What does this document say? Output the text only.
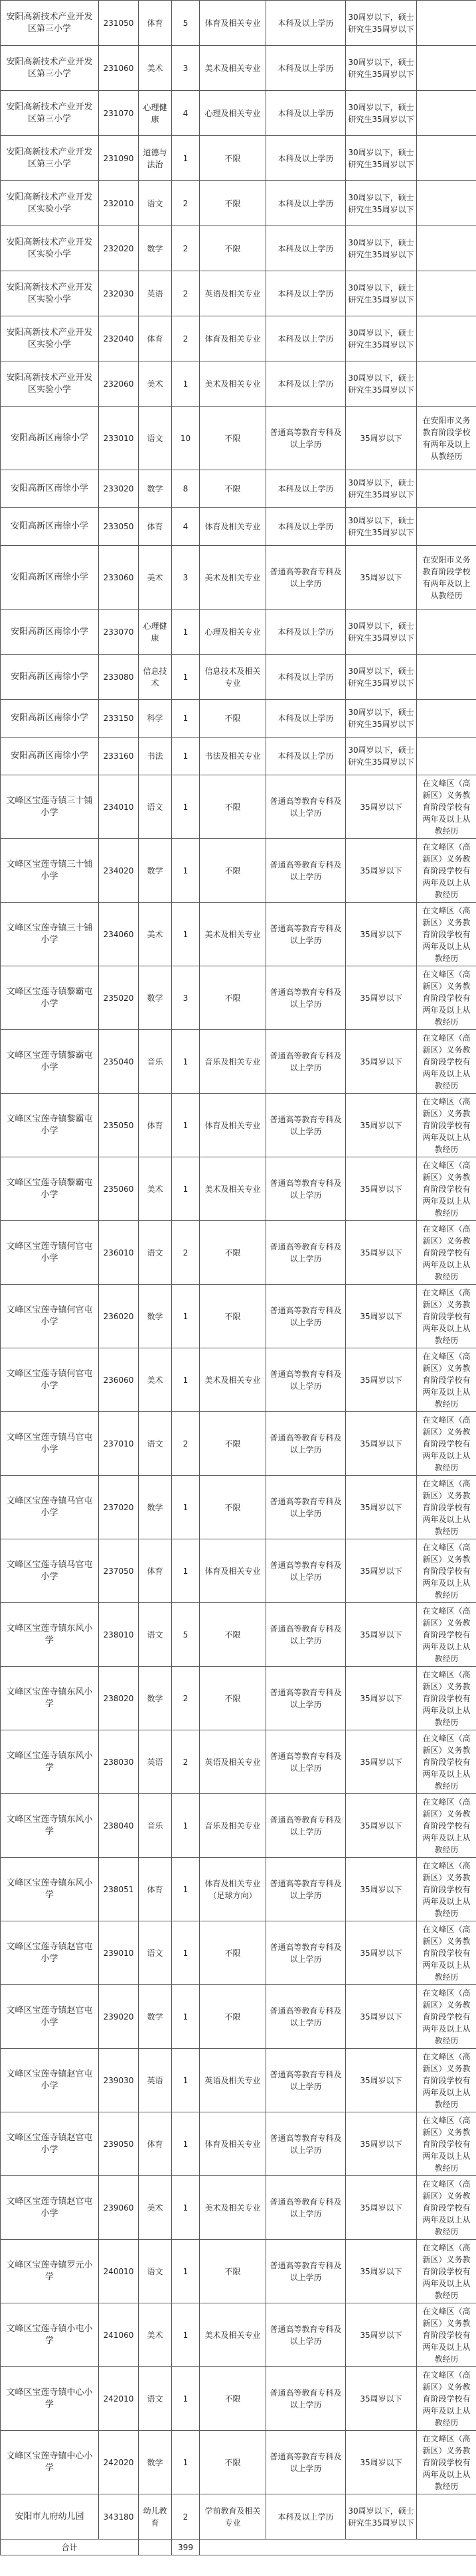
安阳高新技术产业开发区第三小学	231050	体育	5	体育及相关专业	本科及以上学历	30周岁以下，硕士研究生35周岁以下	
安阳高新技术产业开发区第三小学	231060	美术	3	美术及相关专业	本科及以上学历	30周岁以下，硕士研究生35周岁以下	
安阳高新技术产业开发区第三小学	231070	心理健康	4	心理及相关专业	本科及以上学历	30周岁以下，硕士研究生35周岁以下	
安阳高新技术产业开发区第三小学	231090	道德与法治	1	不限	本科及以上学历	30周岁以下，硕士研究生35周岁以下	
安阳高新技术产业开发区实验小学	232010	语文	2	不限	本科及以上学历	30周岁以下，硕士研究生35周岁以下	
安阳高新技术产业开发区实验小学	232020	数学	2	不限	本科及以上学历	30周岁以下，硕士研究生35周岁以下	
安阳高新技术产业开发区实验小学	232030	英语	2	英语及相关专业	本科及以上学历	30周岁以下，硕士研究生35周岁以下	
安阳高新技术产业开发区实验小学	232040	体育	2	体育及相关专业	本科及以上学历	30周岁以下，硕士研究生35周岁以下	
安阳高新技术产业开发区实验小学	232060	美术	1	美术及相关专业	本科及以上学历	30周岁以下，硕士研究生35周岁以下	
安阳高新区南徐小学	233010	语文	10	不限	普通高等教育专科及以上学历	35周岁以下	在安阳市义务教育阶段学校有两年及以上从教经历
安阳高新区南徐小学	233020	数学	8	不限	本科及以上学历	30周岁以下，硕士研究生35周岁以下	
安阳高新区南徐小学	233050	体育	4	体育及相关专业	本科及以上学历	30周岁以下，硕士研究生35周岁以下	
安阳高新区南徐小学	233060	美术	3	美术及相关专业	普通高等教育专科及以上学历	35周岁以下	在安阳市义务教育阶段学校有两年及以上从教经历
安阳高新区南徐小学	233070	心理健康	1	心理及相关专业	本科及以上学历	30周岁以下，硕士研究生35周岁以下	
安阳高新区南徐小学	233080	信息技术	1	信息技术及相关专业	本科及以上学历	30周岁以下，硕士研究生35周岁以下	
安阳高新区南徐小学	233150	科学	1	不限	本科及以上学历	30周岁以下，硕士研究生35周岁以下	
安阳高新区南徐小学	233160	书法	1	书法及相关专业	本科及以上学历	30周岁以下，硕士研究生35周岁以下	
文峰区宝莲寺镇三十铺小学	234010	语文	1	不限	普通高等教育专科及以上学历	35周岁以下	在文峰区（高新区）义务教育阶段学校有两年及以上从教经历
文峰区宝莲寺镇三十铺小学	234020	数学	1	不限	普通高等教育专科及以上学历	35周岁以下	在文峰区（高新区）义务教育阶段学校有两年及以上从教经历
文峰区宝莲寺镇三十铺小学	234060	美术	1	美术及相关专业	普通高等教育专科及以上学历	35周岁以下	在文峰区（高新区）义务教育阶段学校有两年及以上从教经历
文峰区宝莲寺镇黎霸屯小学	235020	数学	3	不限	普通高等教育专科及以上学历	35周岁以下	在文峰区（高新区）义务教育阶段学校有两年及以上从教经历
文峰区宝莲寺镇黎霸屯小学	235040	音乐	1	音乐及相关专业	普通高等教育专科及以上学历	35周岁以下	在文峰区（高新区）义务教育阶段学校有两年及以上从教经历
文峰区宝莲寺镇黎霸屯小学	235050	体育	1	体育及相关专业	普通高等教育专科及以上学历	35周岁以下	在文峰区（高新区）义务教育阶段学校有两年及以上从教经历
文峰区宝莲寺镇黎霸屯小学	235060	美术	1	美术及相关专业	普通高等教育专科及以上学历	35周岁以下	在文峰区（高新区）义务教育阶段学校有两年及以上从教经历
文峰区宝莲寺镇何官屯小学	236010	语文	2	不限	普通高等教育专科及以上学历	35周岁以下	在文峰区（高新区）义务教育阶段学校有两年及以上从教经历
文峰区宝莲寺镇何官屯小学	236020	数学	1	不限	普通高等教育专科及以上学历	35周岁以下	在文峰区（高新区）义务教育阶段学校有两年及以上从教经历
文峰区宝莲寺镇何官屯小学	236060	美术	1	美术及相关专业	普通高等教育专科及以上学历	35周岁以下	在文峰区（高新区）义务教育阶段学校有两年及以上从教经历
文峰区宝莲寺镇马官屯小学	237010	语文	2	不限	普通高等教育专科及以上学历	35周岁以下	在文峰区（高新区）义务教育阶段学校有两年及以上从教经历
文峰区宝莲寺镇马官屯小学	237020	数学	1	不限	普通高等教育专科及以上学历	35周岁以下	在文峰区（高新区）义务教育阶段学校有两年及以上从教经历
文峰区宝莲寺镇马官屯小学	237050	体育	1	体育及相关专业	普通高等教育专科及以上学历	35周岁以下	在文峰区（高新区）义务教育阶段学校有两年及以上从教经历
文峰区宝莲寺镇东风小学	238010	语文	5	不限	普通高等教育专科及以上学历	35周岁以下	在文峰区（高新区）义务教育阶段学校有两年及以上从教经历
文峰区宝莲寺镇东风小学	238020	数学	2	不限	普通高等教育专科及以上学历	35周岁以下	在文峰区（高新区）义务教育阶段学校有两年及以上从教经历
文峰区宝莲寺镇东风小学	238030	英语	2	英语及相关专业	普通高等教育专科及以上学历	35周岁以下	在文峰区（高新区）义务教育阶段学校有两年及以上从教经历
文峰区宝莲寺镇东风小学	238040	音乐	1	音乐及相关专业	普通高等教育专科及以上学历	35周岁以下	在文峰区（高新区）义务教育阶段学校有两年及以上从教经历
文峰区宝莲寺镇东风小学	238051	体育	1	体育及相关专业（足球方向）	普通高等教育专科及以上学历	35周岁以下	在文峰区（高新区）义务教育阶段学校有两年及以上从教经历
文峰区宝莲寺镇赵官屯小学	239010	语文	1	不限	普通高等教育专科及以上学历	35周岁以下	在文峰区（高新区）义务教育阶段学校有两年及以上从教经历
文峰区宝莲寺镇赵官屯小学	239020	数学	1	不限	普通高等教育专科及以上学历	35周岁以下	在文峰区（高新区）义务教育阶段学校有两年及以上从教经历
文峰区宝莲寺镇赵官屯小学	239030	英语	1	英语及相关专业	普通高等教育专科及以上学历	35周岁以下	在文峰区（高新区）义务教育阶段学校有两年及以上从教经历
文峰区宝莲寺镇赵官屯小学	239050	体育	1	体育及相关专业	普通高等教育专科及以上学历	35周岁以下	在文峰区（高新区）义务教育阶段学校有两年及以上从教经历
文峰区宝莲寺镇赵官屯小学	239060	美术	1	美术及相关专业	普通高等教育专科及以上学历	35周岁以下	在文峰区（高新区）义务教育阶段学校有两年及以上从教经历
文峰区宝莲寺镇罗元小学	240010	语文	1	不限	普通高等教育专科及以上学历	35周岁以下	在文峰区（高新区）义务教育阶段学校有两年及以上从教经历
文峰区宝莲寺镇小屯小学	241060	美术	1	美术及相关专业	普通高等教育专科及以上学历	35周岁以下	在文峰区（高新区）义务教育阶段学校有两年及以上从教经历
文峰区宝莲寺镇中心小学	242010	语文	1	不限	普通高等教育专科及以上学历	35周岁以下	在文峰区（高新区）义务教育阶段学校有两年及以上从教经历
文峰区宝莲寺镇中心小学	242020	数学	1	不限	普通高等教育专科及以上学历	35周岁以下	在文峰区（高新区）义务教育阶段学校有两年及以上从教经历
安阳市九府幼儿园	343180	幼儿教育	2	学前教育及相关专业	本科及以上学历	30周岁以下，硕士研究生35周岁以下	
合计			399				
